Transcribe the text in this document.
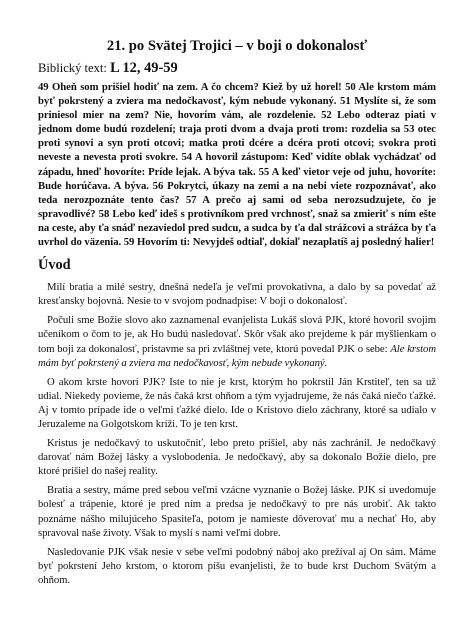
21. po Svätej Trojici – v boji o dokonalosť
Biblický text: L 12, 49-59

49 Oheň som prišiel hodiť na zem. A čo chcem? Kiež by už horel! 50 Ale krstom mám byť pokrstený a zviera ma nedočkavosť, kým nebude vykonaný. 51 Myslíte si, že som priniesol mier na zem? Nie, hovorím vám, ale rozdelenie. 52 Lebo odteraz piati v jednom dome budú rozdelení; traja proti dvom a dvaja proti trom: rozdelia sa 53 otec proti synovi a syn proti otcovi; matka proti dcére a dcéra proti otcovi; svokra proti neveste a nevesta proti svokre. 54 A hovoril zástupom: Keď vidíte oblak vychádzať od západu, hneď hovoríte: Príde lejak. A býva tak. 55 A keď vietor veje od juhu, hovoríte: Bude horúčava. A býva. 56 Pokrytci, úkazy na zemi a na nebi viete rozpoznávať, ako teda nerozpoznáte tento čas? 57 A prečo aj sami od seba nerozsudzujete, čo je spravodlivé? 58 Lebo keď ideš s protivníkom pred vrchnosť, snaž sa zmieriť s ním ešte na ceste, aby ťa snáď nezaviedol pred sudcu, a sudca by ťa dal strážcovi a strážca by ťa uvrhol do väzenia. 59 Hovorím ti: Nevyjdeš odtiaľ, dokiaľ nezaplatíš aj posledný halier!

Úvod

Milí bratia a milé sestry, dnešná nedeľa je veľmi provokatívna, a dalo by sa povedať až kresťansky bojovná. Nesie to v svojom podnadpise: V boji o dokonalosť.

Počuli sme Božie slovo ako zaznamenal evanjelista Lukáš slová PJK, ktoré hovoril svojim učeníkom o čom to je, ak Ho budú nasledovať. Skôr však ako prejdeme k pár myšlienkam o tom boji za dokonalosť, pristavme sa pri zvláštnej vete, ktorú povedal PJK o sebe: Ale krstom mám byť pokrstený a zviera ma nedočkavosť, kým nebude vykonaný.

O akom krste hovorí PJK? Iste to nie je krst, ktorým ho pokrstil Ján Krstiteľ, ten sa už udial. Niekedy povieme, že nás čaká krst ohňom a tým vyjadrujeme, že nás čaká niečo ťažké. Aj v tomto prípade ide o veľmi ťažké dielo. Ide o Kristovo dielo záchrany, ktoré sa udialo v Jeruzaleme na Golgotskom kríži. To je ten krst.

Kristus je nedočkavý to uskutočniť, lebo preto prišiel, aby nás zachránil. Je nedočkavý darovať nám Božej lásky a vyslobodenia. Je nedočkavý, aby sa dokonalo Božie dielo, pre ktoré prišiel do našej reality.

Bratia a sestry, máme pred sebou veľmi vzácne vyznanie o Božej láske. PJK si uvedomuje bolesť a trápenie, ktoré je pred ním a predsa je nedočkavý to pre nás urobiť. Ak takto poznáme nášho milujúceho Spasiteľa, potom je namieste dôverovať mu a nechať Ho, aby spravoval naše životy. Však to myslí s nami veľmi dobre.

Nasledovanie PJK však nesie v sebe veľmi podobný náboj ako prežíval aj On sám. Máme byť pokrstení Jeho krstom, o ktorom píšu evanjelisti, že to bude krst Duchom Svätým a ohňom.
